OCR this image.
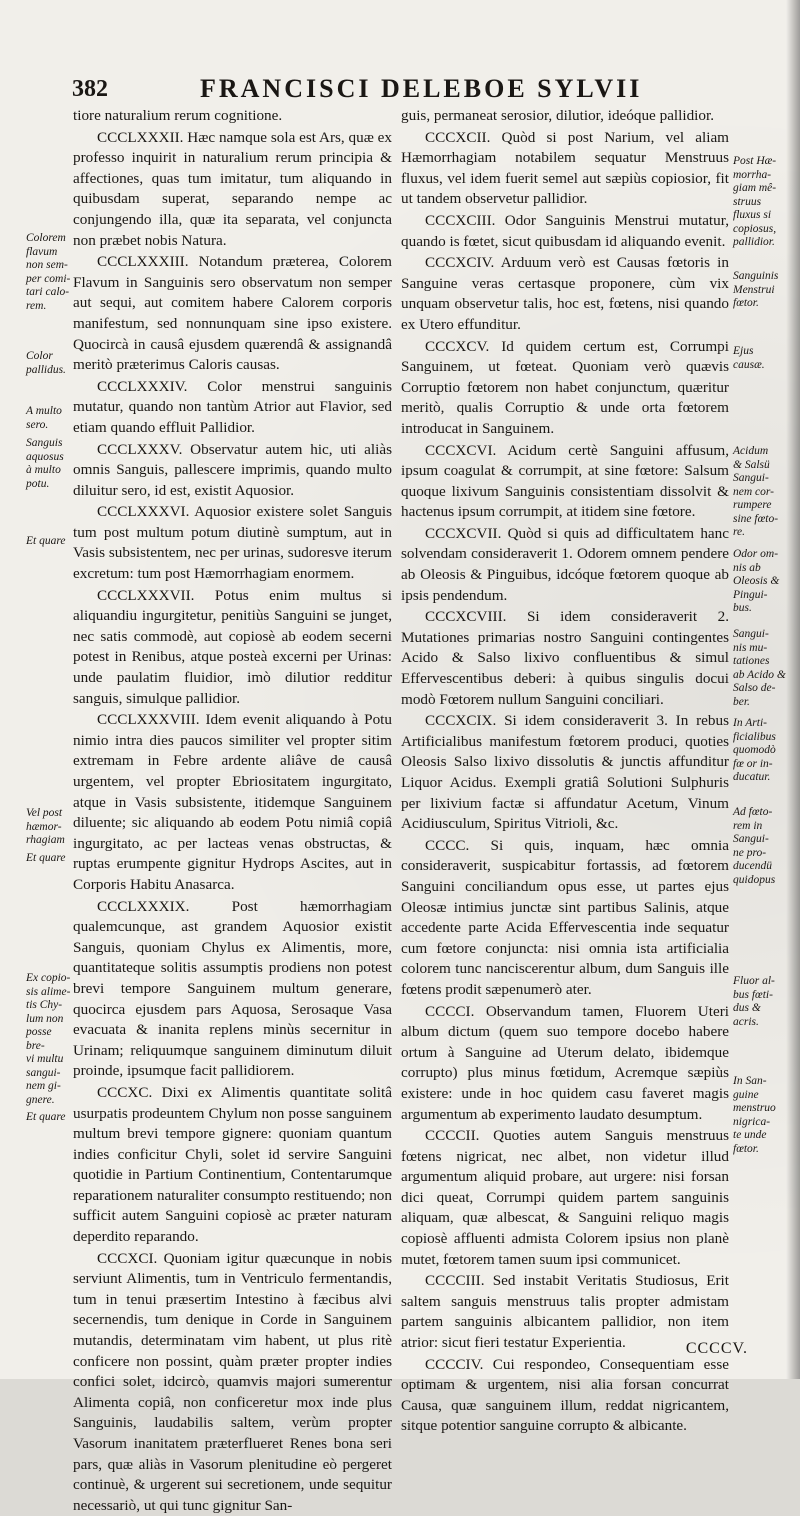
382	FRANCISCI DELEBOE SYLVII
Colorem
flavum
non sem-
per comi-
tari calo-
rem.
Color
pallidus.
A multo
sero.
Sanguis
aquosus
à multo
potu.
Et quare
Vel post
hæmor-
rhagiam
Et quare
Ex copio-
sis alime-
tis Chy-
lum non
posse bre-
vi multu
sangui-
nem gi-
gnere.
Et quare

tiore naturalium rerum cognitione.

CCCLXXXII. Hæc namque sola est Ars, quæ ex professo inquirit in naturalium rerum principia & affectiones, quas tum imitatur, tum aliquando in quibusdam superat, separando nempe ac conjungendo illa, quæ ita separata, vel conjuncta non præbet nobis Natura.

CCCLXXXIII. Notandum præterea, Colorem Flavum in Sanguinis sero observatum non semper aut sequi, aut comitem habere Calorem corporis manifestum, sed nonnunquam sine ipso existere. Quocircà in causâ ejusdem quærendâ & assignandâ meritò præterimus Caloris causas.

CCCLXXXIV. Color menstrui sanguinis mutatur, quando non tantùm Atrior aut Flavior, sed etiam quando effluit Pallidior.

CCCLXXXV. Observatur autem hic, uti aliàs omnis Sanguis, pallescere imprimis, quando multo diluitur sero, id est, existit Aquosior.

CCCLXXXVI. Aquosior existere solet Sanguis tum post multum potum diutinè sumptum, aut in Vasis subsistentem, nec per urinas, sudoresve iterum excretum: tum post Hæmorrhagiam enormem.

CCCLXXXVII. Potus enim multus si aliquandiu ingurgitetur, penitiùs Sanguini se junget, nec satis commodè, aut copiosè ab eodem secerni potest in Renibus, atque posteà excerni per Urinas: unde paulatim fluidior, imò dilutior redditur sanguis, simulque pallidior.

CCCLXXXVIII. Idem evenit aliquando à Potu nimio intra dies paucos similiter vel propter sitim extremam in Febre ardente aliâve de causâ urgentem, vel propter Ebriositatem ingurgitato, atque in Vasis subsistente, itidemque Sanguinem diluente; sic aliquando ab eodem Potu nimiâ copiâ ingurgitato, ac per lacteas venas obstructas, & ruptas erumpente gignitur Hydrops Ascites, aut in Corporis Habitu Anasarca.

CCCLXXXIX. Post hæmorrhagiam qualemcunque, ast grandem Aquosior existit Sanguis, quoniam Chylus ex Alimentis, more, quantitateque solitis assumptis prodiens non potest brevi tempore Sanguinem multum generare, quocirca ejusdem pars Aquosa, Serosaque Vasa evacuata & inanita replens minùs secernitur in Urinam; reliquumque sanguinem diminutum diluit proinde, ipsumque facit pallidiorem.

CCCXC. Dixi ex Alimentis quantitate solitâ usurpatis prodeuntem Chylum non posse sanguinem multum brevi tempore gignere: quoniam quantum indies conficitur Chyli, solet id servire Sanguini quotidie in Partium Continentium, Contentarumque reparationem naturaliter consumpto restituendo; non sufficit autem Sanguini copiosè ac præter naturam deperdito reparando.

CCCXCI. Quoniam igitur quæcunque in nobis serviunt Alimentis, tum in Ventriculo fermentandis, tum in tenui præsertim Intestino à fæcibus alvi secernendis, tum denique in Corde in Sanguinem mutandis, determinatam vim habent, ut plus ritè conficere non possint, quàm præter propter indies confici solet, idcircò, quamvis majori sumerentur Alimenta copiâ, non conficeretur mox inde plus Sanguinis, laudabilis saltem, verùm propter Vasorum inanitatem præterflueret Renes bona seri pars, quæ aliàs in Vasorum plenitudine eò pergeret continuè, & urgerent sui secretionem, unde sequitur necessariò, ut qui tunc gignitur San-

guis, permaneat serosior, dilutior, ideóque pallidior.

CCCXCII. Quòd si post Narium, vel aliam Hæmorrhagiam notabilem sequatur Menstruus fluxus, vel idem fuerit semel aut sæpiùs copiosior, fit ut tandem observetur pallidior.

CCCXCIII. Odor Sanguinis Menstrui mutatur, quando is fœtet, sicut quibusdam id aliquando evenit.

CCCXCIV. Arduum verò est Causas fœtoris in Sanguine veras certasque proponere, cùm vix unquam observetur talis, hoc est, fœtens, nisi quando ex Utero effunditur.

CCCXCV. Id quidem certum est, Corrumpi Sanguinem, ut fœteat. Quoniam verò quævis Corruptio fœtorem non habet conjunctum, quæritur meritò, qualis Corruptio & unde orta fœtorem introducat in Sanguinem.

CCCXCVI. Acidum certè Sanguini affusum, ipsum coagulat & corrumpit, at sine fœtore: Salsum quoque lixivum Sanguinis consistentiam dissolvit & hactenus ipsum corrumpit, at itidem sine fœtore.

CCCXCVII. Quòd si quis ad difficultatem hanc solvendam consideraverit 1. Odorem omnem pendere ab Oleosis & Pinguibus, idcóque fœtorem quoque ab ipsis pendendum.

CCCXCVIII. Si idem consideraverit 2. Mutationes primarias nostro Sanguini contingentes Acido & Salso lixivo confluentibus & simul Effervescentibus deberi: à quibus singulis docui modò Fœtorem nullum Sanguini conciliari.

CCCXCIX. Si idem consideraverit 3. In rebus Artificialibus manifestum fœtorem produci, quoties Oleosis Salso lixivo dissolutis & junctis affunditur Liquor Acidus. Exempli gratiâ Solutioni Sulphuris per lixivium factæ si affundatur Acetum, Vinum Acidiusculum, Spiritus Vitrioli, &c.

CCCC. Si quis, inquam, hæc omnia consideraverit, suspicabitur fortassis, ad fœtorem Sanguini conciliandum opus esse, ut partes ejus Oleosæ intimius junctæ sint partibus Salinis, atque accedente parte Acida Effervescentia inde sequatur cum fœtore conjuncta: nisi omnia ista artificialia colorem tunc nanciscerentur album, dum Sanguis ille fœtens prodit sæpenumerò ater.

CCCCI. Observandum tamen, Fluorem Uteri album dictum (quem suo tempore docebo habere ortum à Sanguine ad Uterum delato, ibidemque corrupto) plus minus fœtidum, Acremque sæpiùs existere: unde in hoc quidem casu faveret magis argumentum ab experimento laudato desumptum.

CCCCII. Quoties autem Sanguis menstruus fœtens nigricat, nec albet, non videtur illud argumentum aliquid probare, aut urgere: nisi forsan dici queat, Corrumpi quidem partem sanguinis aliquam, quæ albescat, & Sanguini reliquo magis copiosè affluenti admista Colorem ipsius non planè mutet, fœtorem tamen suum ipsi communicet.

CCCCIII. Sed instabit Veritatis Studiosus, Erit saltem sanguis menstruus talis propter admistam partem sanguinis albicantem pallidior, non item atrior: sicut fieri testatur Experientia.

CCCCIV. Cui respondeo, Consequentiam esse optimam & urgentem, nisi alia forsan concurrat Causa, quæ sanguinem illum, reddat nigricantem, sitque potentior sanguine corrupto & albicante.

Post Hæ-
morrha-
giam mê-
struus
fluxus si
copiosus,
pallidior.
Sanguinis
Menstrui
fœtor.
Ejus
causæ.
Acidum
& Salsü
Sangui-
nem cor-
rumpere
sine fœto-
re.
Odor om-
nis ab
Oleosis &
Pingui-
bus.
Sangui-
nis mu-
tationes
ab Acido &
Salso de-
ber.
In Arti-
ficialibus
quomodò
fœ or in-
ducatur.
Ad fœto-
rem in
Sangui-
ne pro-
ducendü
quidopus
Fluor al-
bus fœti-
dus &
acris.
In San-
guine
menstruo
nigrica-
te unde
fœtor.
CCCCV.
